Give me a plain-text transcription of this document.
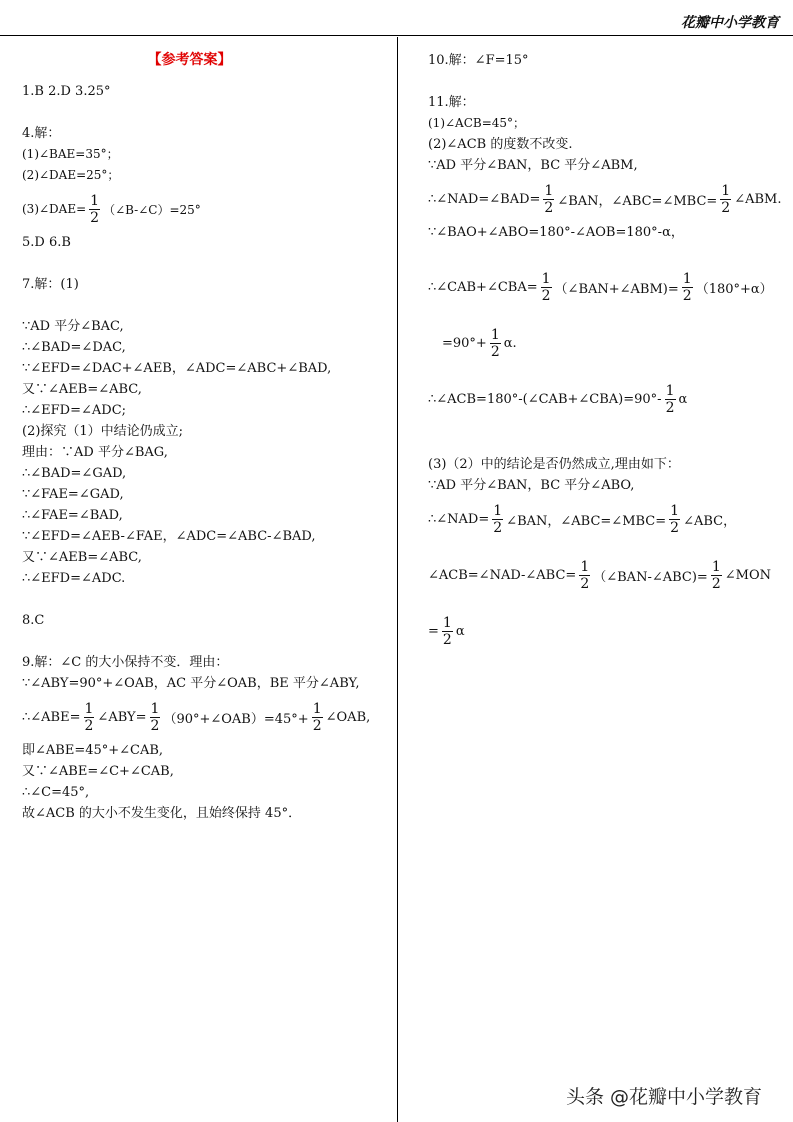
花瓣中小学教育
【参考答案】
1.B 2.D 3.25°
4.解：
(1)∠BAE=35°；
(2)∠DAE=25°；
(3)∠DAE= $\frac{1}{2}$ （∠B-∠C）=25°
5.D 6.B
7.解：(1)
∵AD 平分∠BAC,
∴∠BAD=∠DAC,
∵∠EFD=∠DAC+∠AEB，∠ADC=∠ABC+∠BAD,
又∵∠AEB=∠ABC,
∴∠EFD=∠ADC;
(2)探究（1）中结论仍成立;
理由：∵AD 平分∠BAG,
∴∠BAD=∠GAD,
∵∠FAE=∠GAD,
∴∠FAE=∠BAD,
∵∠EFD=∠AEB-∠FAE，∠ADC=∠ABC-∠BAD,
又∵∠AEB=∠ABC,
∴∠EFD=∠ADC.
8.C
9.解：∠C 的大小保持不变．理由：
∵∠ABY=90°+∠OAB，AC 平分∠OAB，BE 平分∠ABY,
∴∠ABE= $\frac{1}{2}$ ∠ABY= $\frac{1}{2}$ （90°+∠OAB）=45°+ $\frac{1}{2}$ ∠OAB,
即∠ABE=45°+∠CAB,
又∵∠ABE=∠C+∠CAB,
∴∠C=45°,
故∠ACB 的大小不发生变化，且始终保持 45°．
10.解：∠F=15°
11.解：
(1)∠ACB=45°；
(2)∠ACB 的度数不改变.
∵AD 平分∠BAN，BC 平分∠ABM,
∴∠NAD=∠BAD= $\frac{1}{2}$ ∠BAN，∠ABC=∠MBC= $\frac{1}{2}$ ∠ABM.
∵∠BAO+∠ABO=180°-∠AOB=180°-α，
∴∠CAB+∠CBA= $\frac{1}{2}$ （∠BAN+∠ABM)= $\frac{1}{2} (180^\circ+\alpha)$
$=90^\circ+ \frac{1}{2} \alpha$.
∴∠ACB=180°-(∠CAB+∠CBA)=90°- $\frac{1}{2}$ α
(3)（2）中的结论是否仍然成立,理由如下：
∵AD 平分∠BAN，BC 平分∠ABO,
∴∠NAD= $\frac{1}{2}$ ∠BAN，∠ABC=∠MBC= $\frac{1}{2}$ ∠ABC，
∠ACB=∠NAD-∠ABC= $\frac{1}{2}$ （∠BAN-∠ABC)= $\frac{1}{2}$ ∠MON
= $\frac{1}{2}$ α
头条 @花瓣中小学教育
